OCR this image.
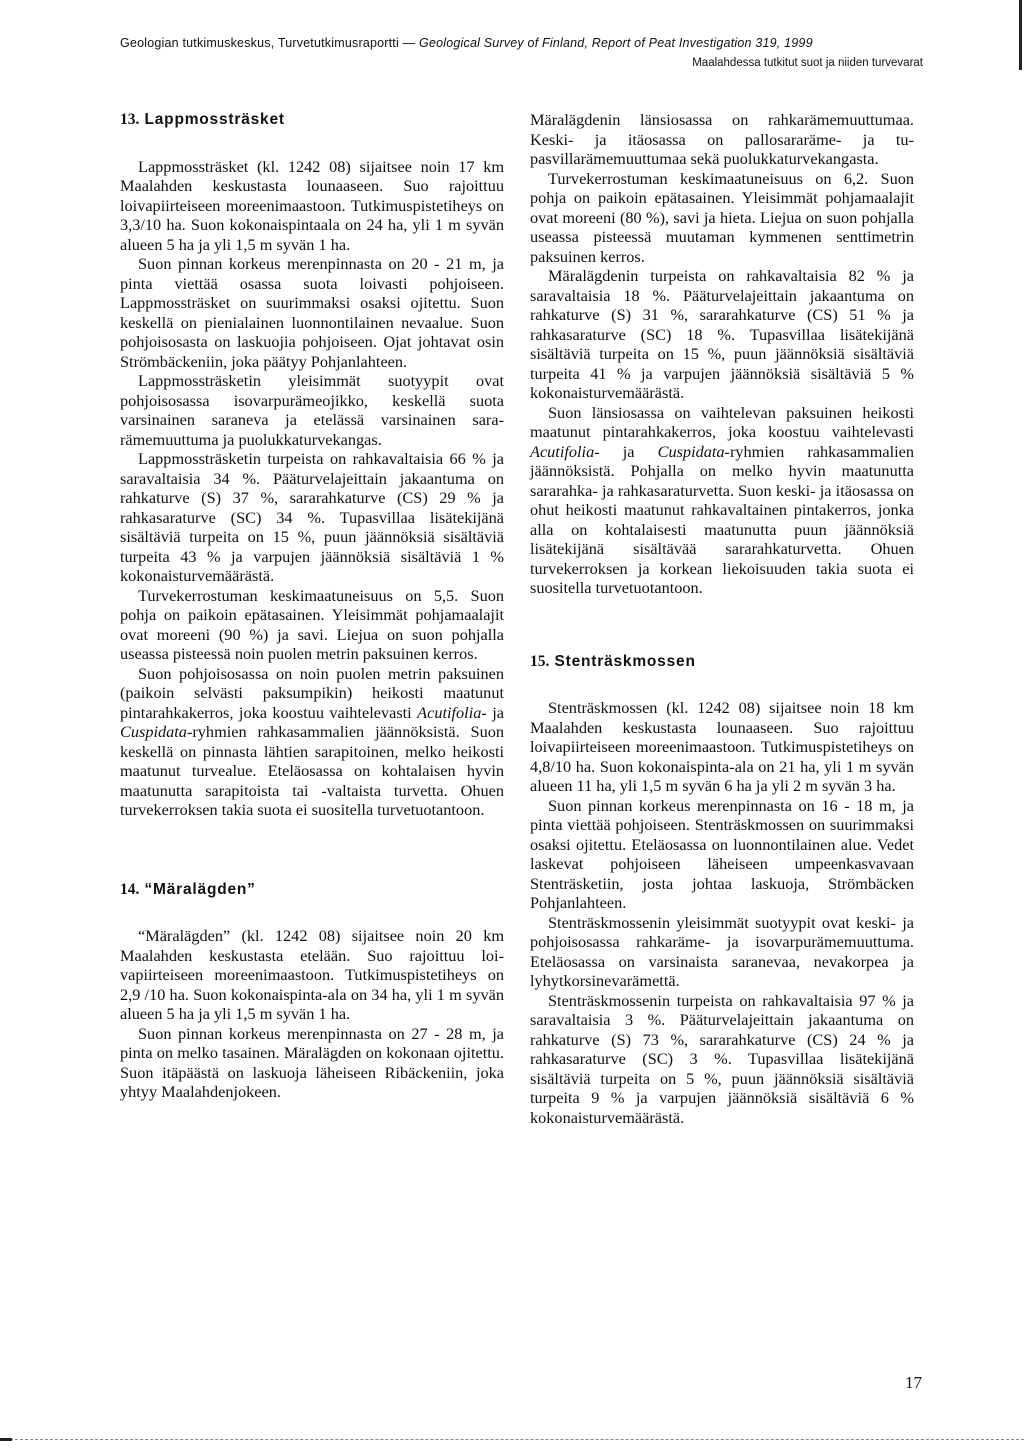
Geologian tutkimuskeskus, Turvetutkimusraportti — Geological Survey of Finland, Report of Peat Investigation 319, 1999
Maalahdessa tutkitut suot ja niiden turvevarat
13. Lappmossträsket

Lappmossträsket (kl. 1242 08) sijaitsee noin 17 km Maalahden keskustasta lounaaseen. Suo rajoittuu loivapiirteiseen moreenimaastoon. Tutkimuspistetiheys on 3,3/10 ha. Suon kokonaispintaala on 24 ha, yli 1 m syvän alueen 5 ha ja yli 1,5 m syvän 1 ha.

Suon pinnan korkeus merenpinnasta on 20 - 21 m, ja pinta viettää osassa suota loivasti pohjoiseen. Lappmossträsket on suurimmaksi osaksi ojitettu. Suon keskellä on pienialainen luonnontilainen nevaalue. Suon pohjoisosasta on laskuojia pohjoiseen. Ojat johtavat osin Strömbäckeniin, joka päätyy Pohjanlahteen.

Lappmossträsketin yleisimmät suotyypit ovat pohjoisosassa isovarpurämeojikko, keskellä suota varsinainen saraneva ja etelässä varsinainen sararämemuuttuma ja puolukkaturvekangas.

Lappmossträsketin turpeista on rahkavaltaisia 66 % ja saravaltaisia 34 %. Pääturvelajeittain jakaantuma on rahkaturve (S) 37 %, sararahkaturve (CS) 29 % ja rahkasaraturve (SC) 34 %. Tupasvillaa lisätekijänä sisältäviä turpeita on 15 %, puun jäännöksiä sisältäviä turpeita 43 % ja varpujen jäännöksiä sisältäviä 1 % kokonaisturvemäärästä.

Turvekerrostuman keskimaatuneisuus on 5,5. Suon pohja on paikoin epätasainen. Yleisimmät pohjamaalajit ovat moreeni (90 %) ja savi. Liejua on suon pohjalla useassa pisteessä noin puolen metrin paksuinen kerros.

Suon pohjoisosassa on noin puolen metrin paksuinen (paikoin selvästi paksumpikin) heikosti maatunut pintarahkakerros, joka koostuu vaihtelevasti Acutifolia- ja Cuspidata-ryhmien rahkasammalien jäännöksistä. Suon keskellä on pinnasta lähtien sarapitoinen, melko heikosti maatunut turvealue. Eteläosassa on kohtalaisen hyvin maatunutta sarapitoista tai -valtaista turvetta. Ohuen turvekerroksen takia suota ei suositella turvetuotantoon.

14. “Märalägden”

“Märalägden” (kl. 1242 08) sijaitsee noin 20 km Maalahden keskustasta etelään. Suo rajoittuu loivapiirteiseen moreenimaastoon. Tutkimuspistetiheys on 2,9 /10 ha. Suon kokonaispinta-ala on 34 ha, yli 1 m syvän alueen 5 ha ja yli 1,5 m syvän 1 ha.

Suon pinnan korkeus merenpinnasta on 27 - 28 m, ja pinta on melko tasainen. Märalägden on kokonaan ojitettu. Suon itäpäästä on laskuoja läheiseen Ribäckeniin, joka yhtyy Maalahdenjokeen.

Märalägdenin länsiosassa on rahkarämemuuttumaa. Keski- ja itäosassa on pallosararäme- ja tupasvillarämemuuttumaa sekä puolukkaturvekangasta.

Turvekerrostuman keskimaatuneisuus on 6,2. Suon pohja on paikoin epätasainen. Yleisimmät pohjamaalajit ovat moreeni (80 %), savi ja hieta. Liejua on suon pohjalla useassa pisteessä muutaman kymmenen senttimetrin paksuinen kerros.

Märalägdenin turpeista on rahkavaltaisia 82 % ja saravaltaisia 18 %. Pääturvelajeittain jakaantuma on rahkaturve (S) 31 %, sararahkaturve (CS) 51 % ja rahkasaraturve (SC) 18 %. Tupasvillaa lisätekijänä sisältäviä turpeita on 15 %, puun jäännöksiä sisältäviä turpeita 41 % ja varpujen jäännöksiä sisältäviä 5 % kokonaisturvemäärästä.

Suon länsiosassa on vaihtelevan paksuinen heikosti maatunut pintarahkakerros, joka koostuu vaihtelevasti Acutifolia- ja Cuspidata-ryhmien rahkasammalien jäännöksistä. Pohjalla on melko hyvin maatunutta sararahka- ja rahkasaraturvetta. Suon keski- ja itäosassa on ohut heikosti maatunut rahkavaltainen pintakerros, jonka alla on kohtalaisesti maatunutta puun jäännöksiä lisätekijänä sisältävää sararahkaturvetta. Ohuen turvekerroksen ja korkean liekoisuuden takia suota ei suositella turvetuotantoon.

15. Stenträskmossen

Stenträskmossen (kl. 1242 08) sijaitsee noin 18 km Maalahden keskustasta lounaaseen. Suo rajoittuu loivapiirteiseen moreenimaastoon. Tutkimuspistetiheys on 4,8/10 ha. Suon kokonaispinta-ala on 21 ha, yli 1 m syvän alueen 11 ha, yli 1,5 m syvän 6 ha ja yli 2 m syvän 3 ha.

Suon pinnan korkeus merenpinnasta on 16 - 18 m, ja pinta viettää pohjoiseen. Stenträskmossen on suurimmaksi osaksi ojitettu. Eteläosassa on luonnontilainen alue. Vedet laskevat pohjoiseen läheiseen umpeenkasvavaan Stenträsketiin, josta johtaa laskuoja, Strömbäcken Pohjanlahteen.

Stenträskmossenin yleisimmät suotyypit ovat keski- ja pohjoisosassa rahkaräme- ja isovarpurämemuuttuma. Eteläosassa on varsinaista saranevaa, nevakorpea ja lyhytkorsinevarämettä.

Stenträskmossenin turpeista on rahkavaltaisia 97 % ja saravaltaisia 3 %. Pääturvelajeittain jakaantuma on rahkaturve (S) 73 %, sararahkaturve (CS) 24 % ja rahkasaraturve (SC) 3 %. Tupasvillaa lisätekijänä sisältäviä turpeita on 5 %, puun jäännöksiä sisältäviä turpeita 9 % ja varpujen jäännöksiä sisältäviä 6 % kokonaisturvemäärästä.

17
